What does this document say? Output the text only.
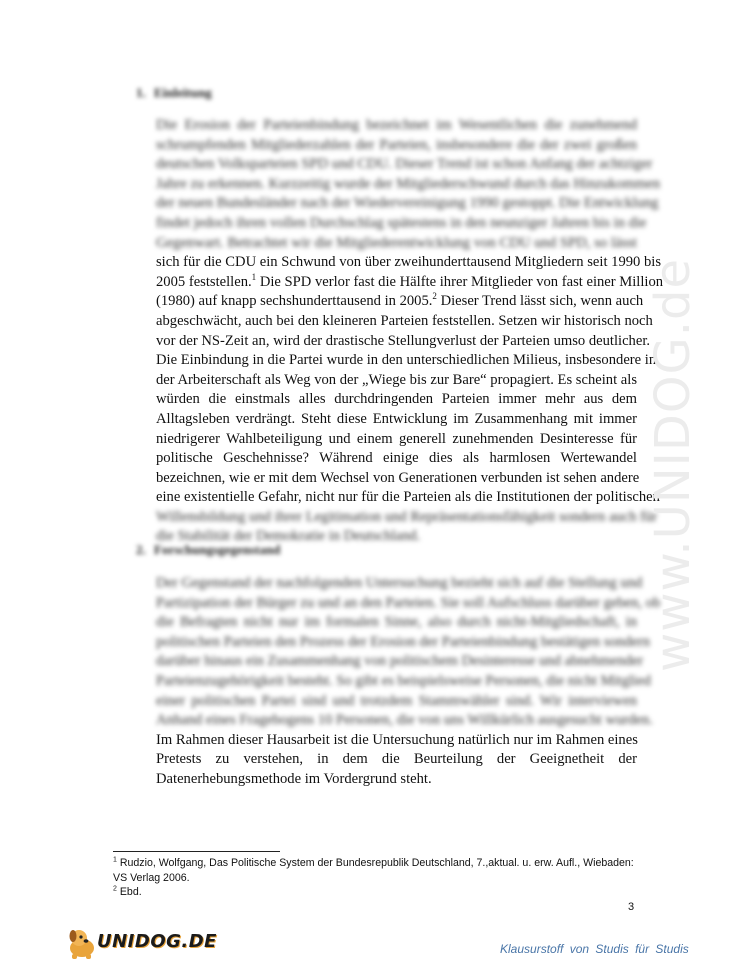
1. Einleitung
Die Erosion der Parteienbindung bezeichnet im Wesentlichen die zunehmend
schrumpfenden Mitgliederzahlen der Parteien, insbesondere die der zwei großen
deutschen Volksparteien SPD und CDU. Dieser Trend ist schon Anfang der achtziger
Jahre zu erkennen. Kurzzeitig wurde der Mitgliederschwund durch das Hinzukommen
der neuen Bundesländer nach der Wiedervereinigung 1990 gestoppt. Die Entwicklung
findet jedoch ihren vollen Durchschlag spätestens in den neunziger Jahren bis in die
Gegenwart. Betrachtet wir die Mitgliederentwicklung von CDU und SPD, so lässt
sich für die CDU ein Schwund von über zweihunderttausend Mitgliedern seit 1990 bis
2005 feststellen.$^1$ Die SPD verlor fast die Hälfte ihrer Mitglieder von fast einer Million
(1980) auf knapp sechshunderttausend in 2005.$^2$ Dieser Trend lässt sich, wenn auch
abgeschwächt, auch bei den kleineren Parteien feststellen. Setzen wir historisch noch
vor der NS-Zeit an, wird der drastische Stellungverlust der Parteien umso deutlicher.
Die Einbindung in die Partei wurde in den unterschiedlichen Milieus, insbesondere in
der Arbeiterschaft als Weg von der „Wiege bis zur Bare“ propagiert. Es scheint als
würden die einstmals alles durchdringenden Parteien immer mehr aus dem
Alltagsleben verdrängt. Steht diese Entwicklung im Zusammenhang mit immer
niedrigerer Wahlbeteiligung und einem generell zunehmenden Desinteresse für
politische Geschehnisse? Während einige dies als harmlosen Wertewandel
bezeichnen, wie er mit dem Wechsel von Generationen verbunden ist sehen andere
eine existentielle Gefahr, nicht nur für die Parteien als die Institutionen der politischen
Willensbildung und ihrer Legitimation und Repräsentationsfähigkeit sondern auch für
die Stabilität der Demokratie in Deutschland.
2. Forschungsgegenstand
Der Gegenstand der nachfolgenden Untersuchung bezieht sich auf die Stellung und
Partizipation der Bürger zu und an den Parteien. Sie soll Aufschluss darüber geben, ob
die Befragten nicht nur im formalen Sinne, also durch nicht-Mitgliedschaft, in
politischen Parteien den Prozess der Erosion der Parteienbindung bestätigen sondern
darüber hinaus ein Zusammenhang von politischem Desinteresse und abnehmender
Parteienzugehörigkeit besteht. So gibt es beispielsweise Personen, die nicht Mitglied
einer politischen Partei sind und trotzdem Stammwähler sind. Wir interviewen
Anhand eines Fragebogens 10 Personen, die von uns Willkürlich ausgesucht wurden.
Im Rahmen dieser Hausarbeit ist die Untersuchung natürlich nur im Rahmen eines
Pretests zu verstehen, in dem die Beurteilung der Geeignetheit der
Datenerhebungsmethode im Vordergrund steht.
www.UNIDOG.de

$^1$ Rudzio, Wolfgang, Das Politische System der Bundesrepublik Deutschland, 7.,aktual. u. erw. Aufl., Wiebaden:

VS Verlag 2006.

$^2$ Ebd.

3
UNIDOG.DE	Klausurstoff von Studis für Studis
